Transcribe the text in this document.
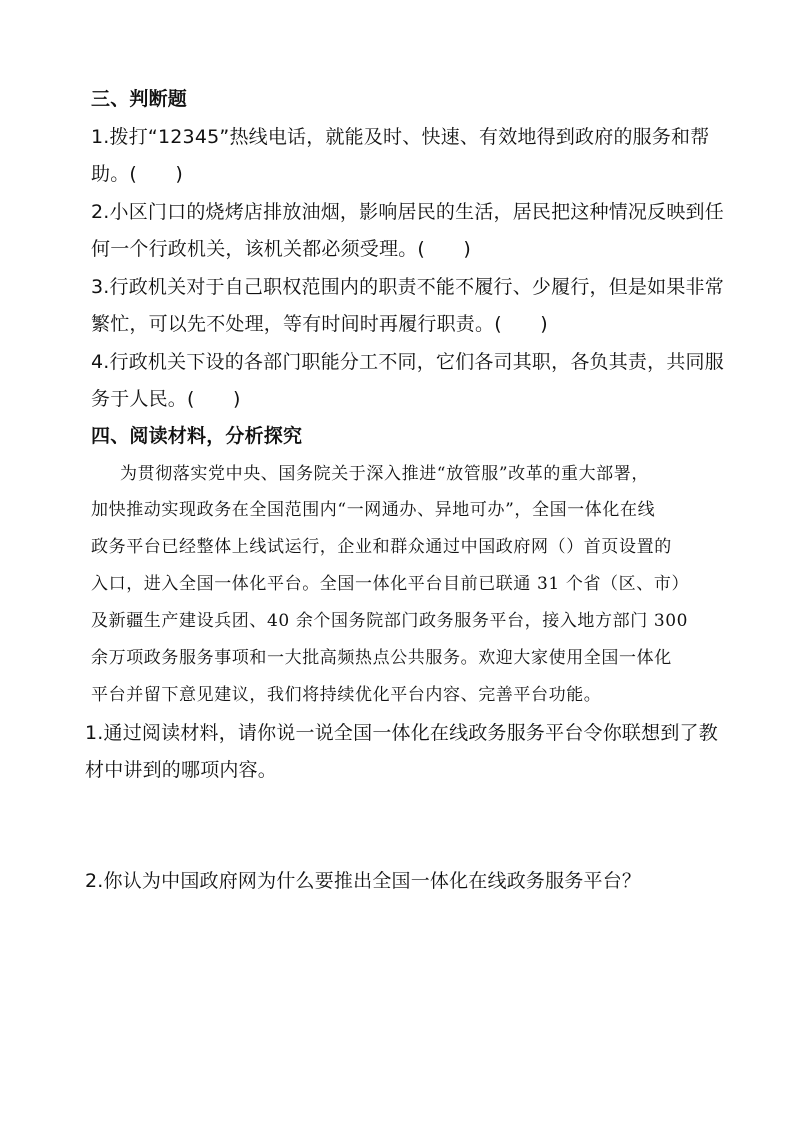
三、判断题
1.拨打“12345”热线电话，就能及时、快速、有效地得到政府的服务和帮
助。(　　)
2.小区门口的烧烤店排放油烟，影响居民的生活，居民把这种情况反映到任
何一个行政机关，该机关都必须受理。(　　)
3.行政机关对于自己职权范围内的职责不能不履行、少履行，但是如果非常
繁忙，可以先不处理，等有时间时再履行职责。(　　)
4.行政机关下设的各部门职能分工不同，它们各司其职，各负其责，共同服
务于人民。(　　)
四、阅读材料，分析探究
为贯彻落实党中央、国务院关于深入推进“放管服”改革的重大部署，
加快推动实现政务在全国范围内“一网通办、异地可办”，全国一体化在线
政务平台已经整体上线试运行，企业和群众通过中国政府网（）首页设置的
入口，进入全国一体化平台。全国一体化平台目前已联通 31 个省（区、市）
及新疆生产建设兵团、40 余个国务院部门政务服务平台，接入地方部门 300
余万项政务服务事项和一大批高频热点公共服务。欢迎大家使用全国一体化
平台并留下意见建议，我们将持续优化平台内容、完善平台功能。
1.通过阅读材料，请你说一说全国一体化在线政务服务平台令你联想到了教
材中讲到的哪项内容。
2.你认为中国政府网为什么要推出全国一体化在线政务服务平台？
